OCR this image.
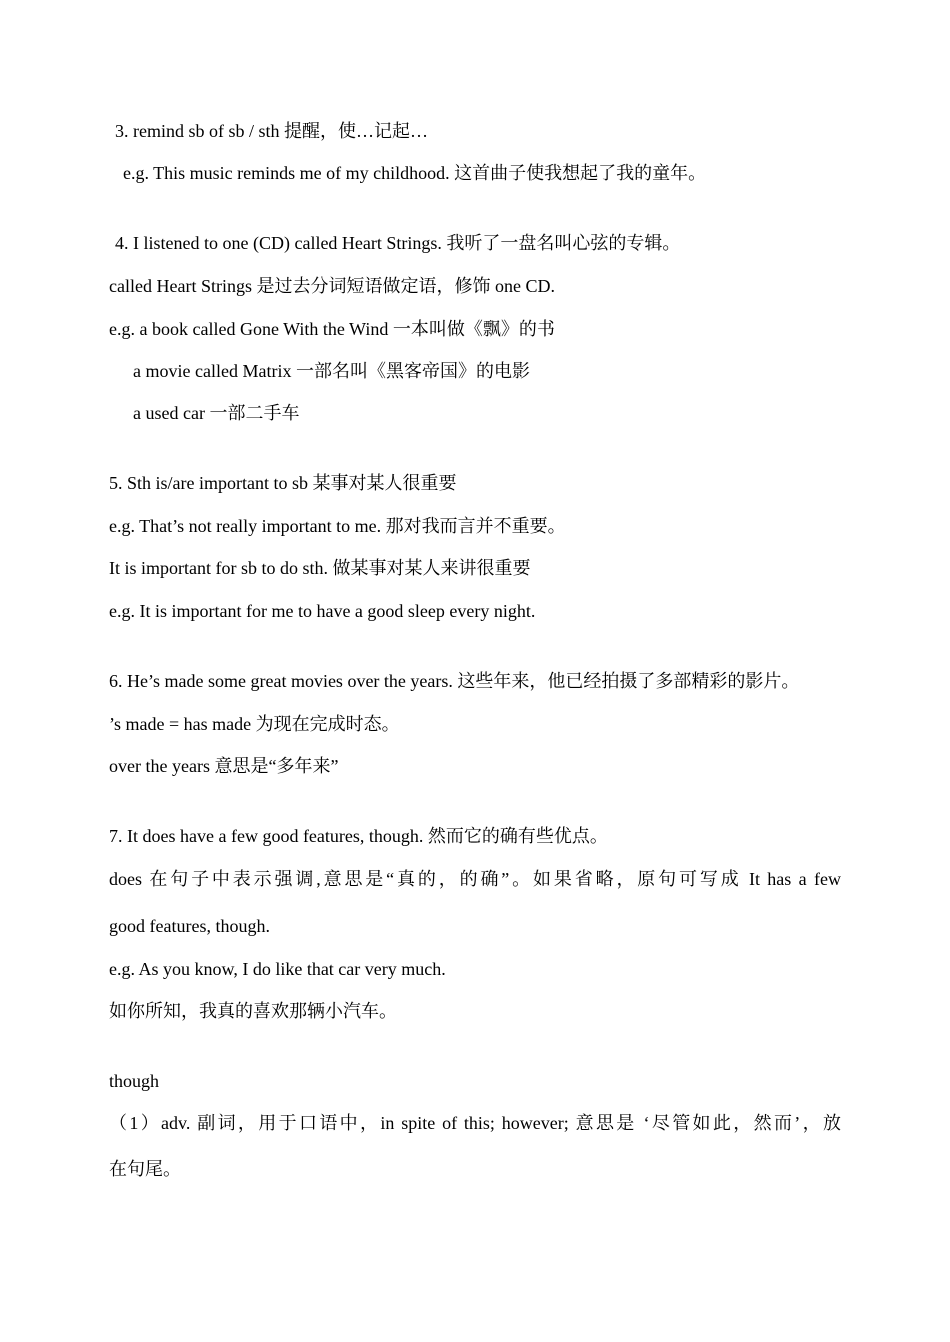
3. remind sb of sb / sth 提醒，使…记起…
e.g. This music reminds me of my childhood. 这首曲子使我想起了我的童年。
4. I listened to one (CD) called Heart Strings. 我听了一盘名叫心弦的专辑。
called Heart Strings 是过去分词短语做定语，修饰 one CD.
e.g. a book called Gone With the Wind 一本叫做《飘》的书
a movie called Matrix 一部名叫《黑客帝国》的电影
a used car 一部二手车
5. Sth is/are important to sb 某事对某人很重要
e.g. That’s not really important to me. 那对我而言并不重要。
It is important for sb to do sth. 做某事对某人来讲很重要
e.g. It is important for me to have a good sleep every night.
6. He’s made some great movies over the years. 这些年来，他已经拍摄了多部精彩的影片。
’s made = has made 为现在完成时态。
over the years 意思是“多年来”
7. It does have a few good features, though. 然而它的确有些优点。
does 在句子中表示强调,意思是“真的，的确”。如果省略，原句可写成 It has a few
good features, though.
e.g. As you know, I do like that car very much.
如你所知，我真的喜欢那辆小汽车。
though
（1）adv. 副词，用于口语中，in spite of this; however; 意思是 ‘尽管如此，然而’，放
在句尾。
